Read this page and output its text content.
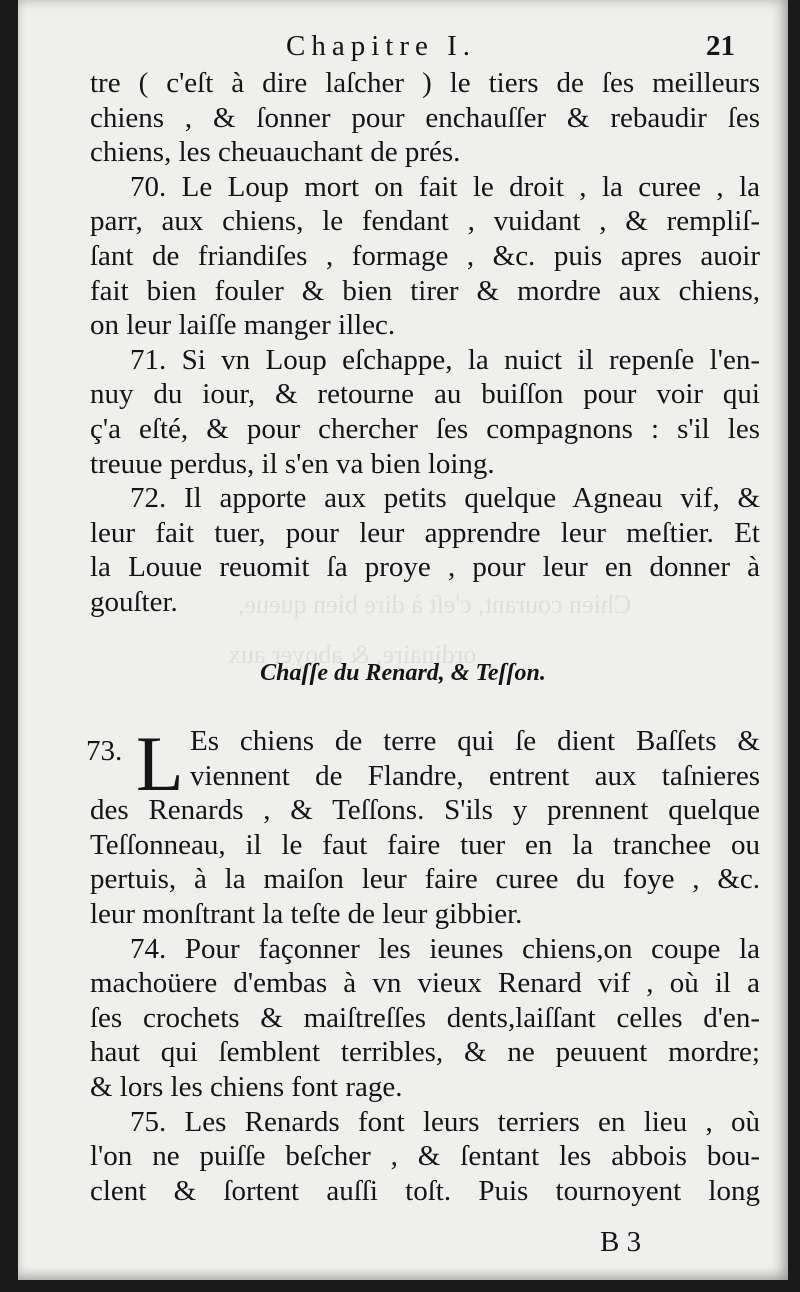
Chien courant, c'eſt à dire bien queue,
ordinaire, & aboyer aux
Chapitre I.	21
tre ( c'eſt à dire laſcher ) le tiers de ſes meilleurs
chiens , & ſonner pour enchauſſer & rebaudir ſes
chiens, les cheuauchant de prés.
70. Le Loup mort on fait le droit , la curee , la
parr, aux chiens, le fendant , vuidant , & rempliſ-
ſant de friandiſes , formage , &c. puis apres auoir
fait bien fouler & bien tirer & mordre aux chiens,
on leur laiſſe manger illec.
71. Si vn Loup eſchappe, la nuict il repenſe l'en-
nuy du iour, & retourne au buiſſon pour voir qui
ç'a eſté, & pour chercher ſes compagnons : s'il les
treuue perdus, il s'en va bien loing.
72. Il apporte aux petits quelque Agneau vif, &
leur fait tuer, pour leur apprendre leur meſtier. Et
la Louue reuomit ſa proye , pour leur en donner à
gouſter.
Chaſſe du Renard, & Teſſon.
73. L Es chiens de terre qui ſe dient Baſſets &
viennent de Flandre, entrent aux taſnieres
des Renards , & Teſſons. S'ils y prennent quelque
Teſſonneau, il le faut faire tuer en la tranchee ou
pertuis, à la maiſon leur faire curee du foye , &c.
leur monſtrant la teſte de leur gibbier.
74. Pour façonner les ieunes chiens,on coupe la
machoüere d'embas à vn vieux Renard vif , où il a
ſes crochets & maiſtreſſes dents,laiſſant celles d'en-
haut qui ſemblent terribles, & ne peuuent mordre;
& lors les chiens font rage.
75. Les Renards font leurs terriers en lieu , où
l'on ne puiſſe beſcher , & ſentant les abbois bou-
clent & ſortent auſſi toſt. Puis tournoyent long
B 3
